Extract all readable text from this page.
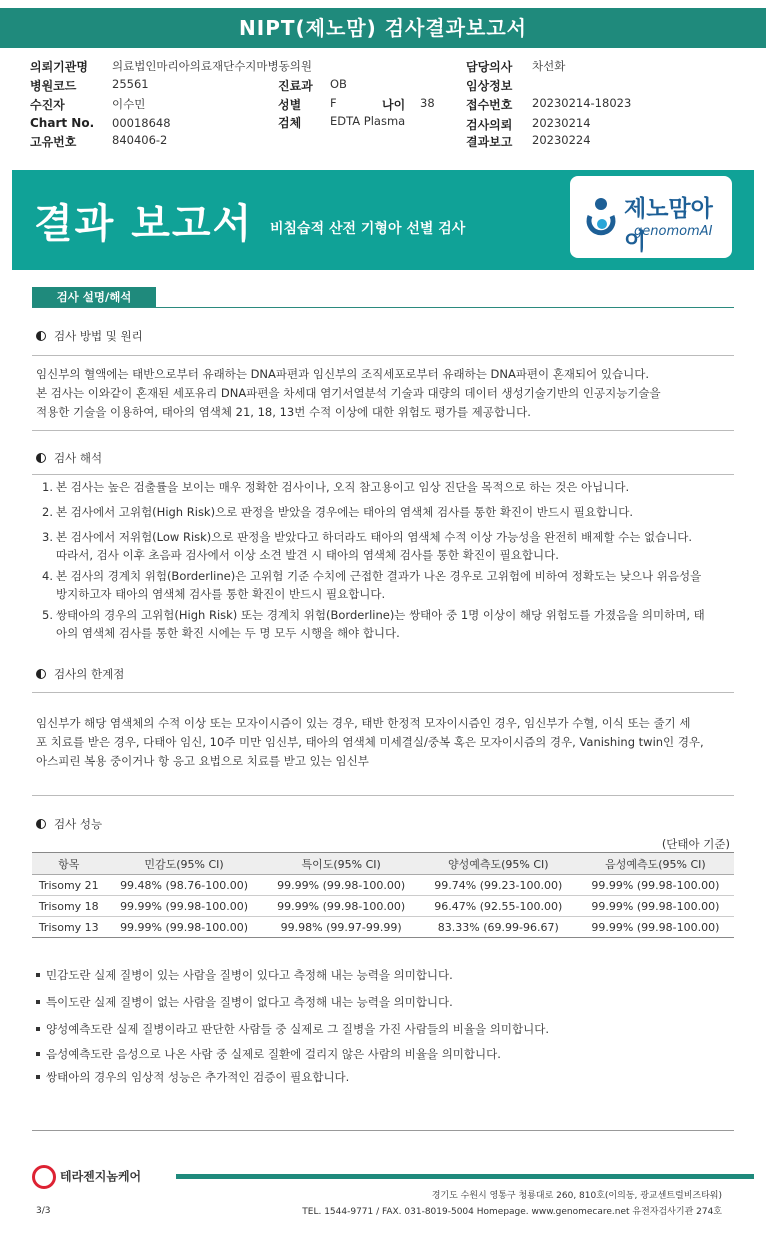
NIPT(제노맘) 검사결과보고서
의뢰기관명 의료법인마리아의료재단수지마병동의원	담당의사 차선화
병원코드	25561	진료과 OB	임상정보
수진자	이수민	성별	F	나이 38	접수번호 20230214-18023
Chart No. 00018648	검체	EDTA Plasma	검사의뢰 20230214
고유번호	840406-2	결과보고 20230224
결과 보고서 비침습적 산전 기형아 선별 검사
제노맘아이
genomomAI
검사 설명/해석
검사 방법 및 원리
임신부의 혈액에는 태반으로부터 유래하는 DNA파편과 임신부의 조직세포로부터 유래하는 DNA파편이 혼재되어 있습니다.
본 검사는 이와같이 혼재된 세포유리 DNA파편을 차세대 염기서열분석 기술과 대량의 데이터 생성기술기반의 인공지능기술을
적용한 기술을 이용하여, 태아의 염색체 21, 18, 13번 수적 이상에 대한 위험도 평가를 제공합니다.
검사 해석
1. 본 검사는 높은 검출률을 보이는 매우 정확한 검사이나, 오직 참고용이고 임상 진단을 목적으로 하는 것은 아닙니다.
2. 본 검사에서 고위험(High Risk)으로 판정을 받았을 경우에는 태아의 염색체 검사를 통한 확진이 반드시 필요합니다.
3. 본 검사에서 저위험(Low Risk)으로 판정을 받았다고 하더라도 태아의 염색체 수적 이상 가능성을 완전히 배제할 수는 없습니다.
따라서, 검사 이후 초음파 검사에서 이상 소견 발견 시 태아의 염색체 검사를 통한 확진이 필요합니다.
4. 본 검사의 경계치 위험(Borderline)은 고위험 기준 수치에 근접한 결과가 나온 경우로 고위험에 비하여 정확도는 낮으나 위음성을
방지하고자 태아의 염색체 검사를 통한 확진이 반드시 필요합니다.
5. 쌍태아의 경우의 고위험(High Risk) 또는 경계치 위험(Borderline)는 쌍태아 중 1명 이상이 해당 위험도를 가졌음을 의미하며, 태
아의 염색체 검사를 통한 확진 시에는 두 명 모두 시행을 해야 합니다.
검사의 한계점
임신부가 해당 염색체의 수적 이상 또는 모자이시즘이 있는 경우, 태반 한정적 모자이시즘인 경우, 임신부가 수혈, 이식 또는 줄기 세
포 치료를 받은 경우, 다태아 임신, 10주 미만 임신부, 태아의 염색체 미세결실/중복 혹은 모자이시즘의 경우, Vanishing twin인 경우,
아스피린 복용 중이거나 항 응고 요법으로 치료를 받고 있는 임신부
검사 성능
(단태아 기준)
항목	민감도(95% CI)	특이도(95% CI)	양성예측도(95% CI)	음성예측도(95% CI)
Trisomy 21	99.48% (98.76-100.00)	99.99% (99.98-100.00)	99.74% (99.23-100.00)	99.99% (99.98-100.00)
Trisomy 18	99.99% (99.98-100.00)	99.99% (99.98-100.00)	96.47% (92.55-100.00)	99.99% (99.98-100.00)
Trisomy 13	99.99% (99.98-100.00)	99.98% (99.97-99.99)	83.33% (69.99-96.67)	99.99% (99.98-100.00)
민감도란 실제 질병이 있는 사람을 질병이 있다고 측정해 내는 능력을 의미합니다.
특이도란 실제 질병이 없는 사람을 질병이 없다고 측정해 내는 능력을 의미합니다.
양성예측도란 실제 질병이라고 판단한 사람들 중 실제로 그 질병을 가진 사람들의 비율을 의미합니다.
음성예측도란 음성으로 나온 사람 중 실제로 질환에 걸리지 않은 사람의 비율을 의미합니다.
쌍태아의 경우의 임상적 성능은 추가적인 검증이 필요합니다.
테라젠지놈케어
경기도 수원시 영통구 청룡대로 260, 810호(이의동, 광교센트럴비즈타워)
TEL. 1544-9771 / FAX. 031-8019-5004 Homepage. www.genomecare.net 유전자검사기관 274호
3/3
